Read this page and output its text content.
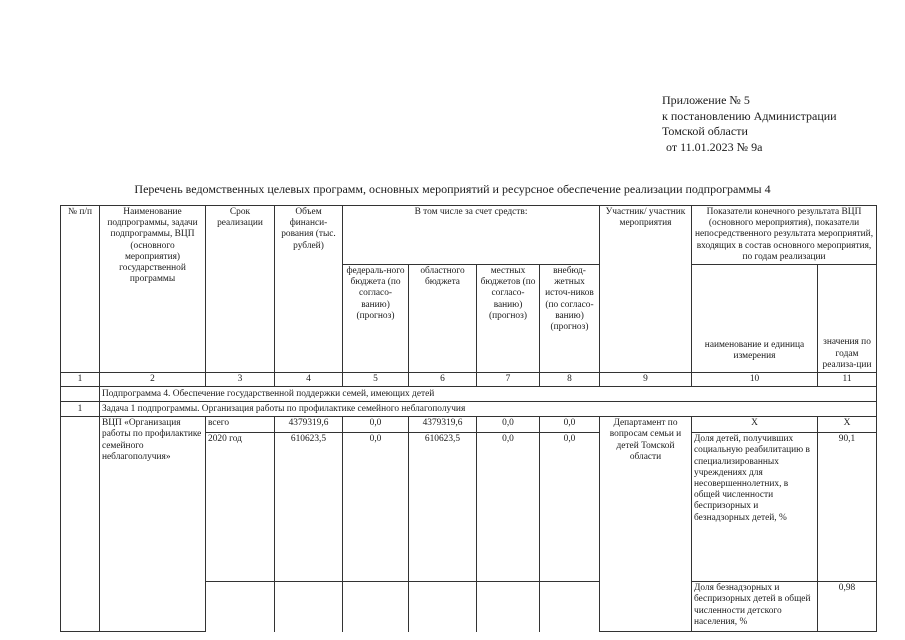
Приложение № 5
к постановлению Администрации
Томской области
от 11.01.2023 № 9а
Перечень ведомственных целевых программ, основных мероприятий и ресурсное обеспечение реализации подпрограммы 4
№ п/п	Наименование подпрограммы, задачи подпрограммы, ВЦП (основного мероприятия) государственной программы	Срок реализации	Объем финанси-рования (тыс. рублей)	В том числе за счет средств:				Участник/ участник мероприятия	Показатели конечного результата ВЦП (основного мероприятия), показатели непосредственного результата мероприятий, входящих в состав основного мероприятия, по годам реализации	
				федераль-ного бюджета (по согласо-ванию) (прогноз)	областного бюджета	местных бюджетов (по согласо-ванию) (прогноз)	внебюд-жетных источ-ников (по согласо-ванию) (прогноз)		наименование и единица измерения	значения по годам реализа-ции

1	2	3	4	5	6	7	8	9	10	11
	Подпрограмма 4. Обеспечение государственной поддержки семей, имеющих детей									
1	Задача 1 подпрограммы. Организация работы по профилактике семейного неблагополучия									
	ВЦП «Организация работы по профилактике семейного неблагополучия»	всего	4379319,6	0,0	4379319,6	0,0	0,0	Департамент по вопросам семьи и детей Томской области	Х	Х
		2020 год	610623,5	0,0	610623,5	0,0	0,0		Доля детей, получивших социальную реабилитацию в специализированных учреждениях для несовершеннолетних, в общей численности беспризорных и безнадзорных детей, %	90,1
									Доля безнадзорных и беспризорных детей в общей численности детского населения, %	0,98
